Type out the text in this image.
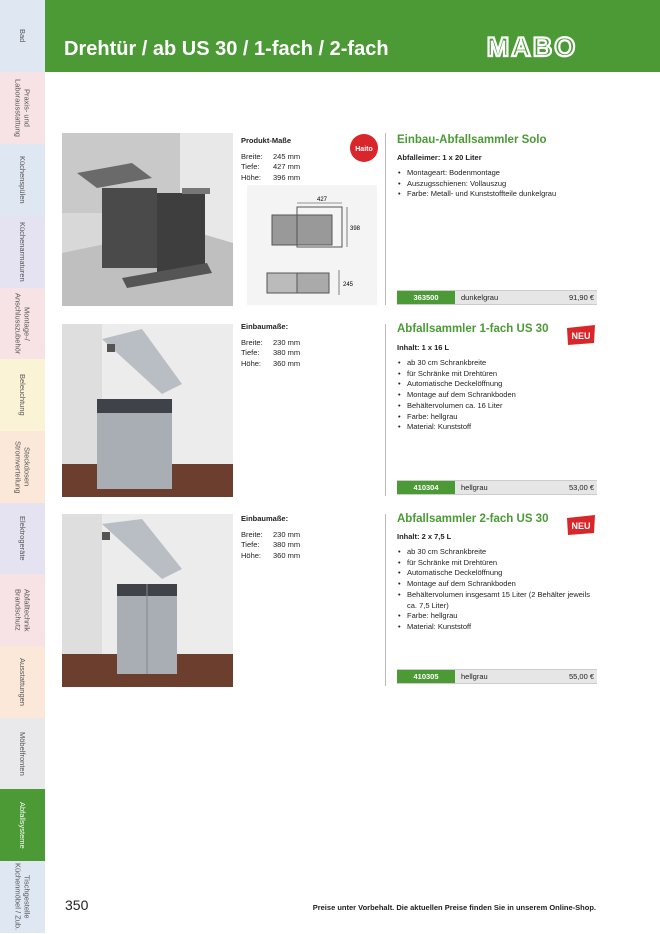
Bad
Praxis- und
Laborausstattung
Küchenspülen
Küchenarmaturen
Montage-/
Anschlusszubehör
Beleuchtung
Steckdosen
Stromverteilung
Elektrogeräte
Abfalltechnik
Brandschutz
Ausstattungen
Möbelfronten
Abfallsysteme
Tischgestelle
Küchenmöbel / Zub.
Drehtür / ab US 30 / 1-fach / 2-fach	MABO
Produkt-Maße
Breite:	245 mm
Tiefe:	427 mm
Höhe:	396 mm
Haito
427
398
245
Einbau-Abfallsammler Solo
Abfalleimer: 1 x 20 Liter
• Montageart: Bodenmontage
• Auszugsschienen: Vollauszug
• Farbe: Metall- und Kunststoffteile dunkelgrau
363500	dunkelgrau	91,90 €
Einbaumaße:
Breite:	230 mm
Tiefe:	380 mm
Höhe:	360 mm
NEU
Abfallsammler 1-fach US 30
Inhalt: 1 x 16 L
• ab 30 cm Schrankbreite
• für Schränke mit Drehtüren
• Automatische Deckelöffnung
• Montage auf dem Schrankboden
• Behältervolumen ca. 16 Liter
• Farbe: hellgrau
• Material: Kunststoff
410304	hellgrau	53,00 €
Einbaumaße:
Breite:	230 mm
Tiefe:	380 mm
Höhe:	360 mm
NEU
Abfallsammler 2-fach US 30
Inhalt: 2 x 7,5 L
• ab 30 cm Schrankbreite
• für Schränke mit Drehtüren
• Automatische Deckelöffnung
• Montage auf dem Schrankboden
• Behältervolumen insgesamt 15 Liter (2 Behälter jeweils ca. 7,5 Liter)
• Farbe: hellgrau
• Material: Kunststoff
410305	hellgrau	55,00 €
350	Preise unter Vorbehalt. Die aktuellen Preise finden Sie in unserem Online-Shop.
